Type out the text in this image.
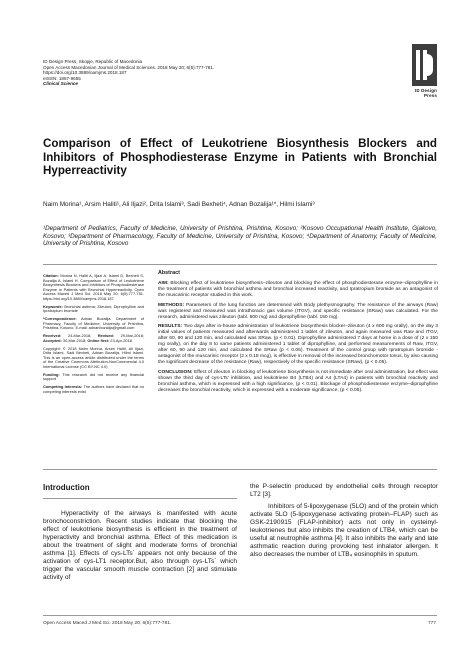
ID Design Press, Skopje, Republic of Macedonia
Open Access Macedonian Journal of Medical Sciences. 2018 May 20; 6(5):777-781.
https://doi.org/10.3889/oamjms.2018.187
eISSN: 1857-9655
Clinical Science
ID Design
Press
Comparison of Effect of Leukotriene Biosynthesis Blockers and Inhibitors of Phosphodiesterase Enzyme in Patients with Bronchial Hyperreactivity
Naim Morina¹, Arsim Haliti¹, Ali Iljazi², Drita Islami³, Sadi Bexheti⁴, Adnan Bozalija¹*, Hilmi Islami³
¹Department of Pediatrics, Faculty of Medicine, University of Prishtina, Prishtina, Kosovo; ²Kosovo Occupational Health Institute, Gjakovo, Kosovo; ³Department of Pharmacology, Faculty of Medicine, University of Prishtina, Kosovo; ⁴Department of Anatomy, Faculty of Medicine, University of Prishtina, Kosovo

Citation: Morina N, Haliti A, Iljazi A, Islami D, Bexheti S, Bozalija A, Islami H. Comparison of Effect of Leukotriene Biosynthesis Blockers and Inhibitors of Phosphodiesterase Enzyme in Patients with Bronchial Hyperreactivity. Open Access Maced J Med Sci. 2018 May 20; 6(5):777-781. https://doi.org/10.3889/oamjms.2018.187

Keywords: Bronchial asthma; Zileuton; Diprophylline and Ipratropium bromide

*Correspondence: Adnan Bozalija. Department of Pharmacy, Faculty of Medicine, University of Prishtina, Prishtina, Kosovo. E-mail: adnanbozalija@gmail.com

Received: 24-Mar-2018; Revised: 29-Mar-2018; Accepted: 30-Mar-2018; Online first: 23-Apr-2018

Copyright: © 2018 Naim Morina, Arsim Haliti, Ali Iljazi, Drita Islami, Sadi Bexheti, Adnan Bozalija, Hilmi Islami. This is an open-access article distributed under the terms of the Creative Commons Attribution-NonCommercial 4.0 International License (CC BY-NC 4.0)

Funding: This research did not receive any financial support

Competing Interests: The authors have declared that no competing interests exist

Abstract

AIM: Blocking effect of leukotriene biosynthesis–zileuton and blocking the effect of phosphodiesterase enzyme–diprophylline in the treatment of patients with bronchial asthma and bronchial increased reactivity, and Ipratropium bromide as an antagonist of the muscarinic receptor studied in this work.

METHODS: Parameters of the lung function are determined with Body plethysmography. The resistance of the airways (Raw) was registered and measured was intrathoracic gas volume (ITGV), and specific resistance (SRaw) was calculated. For the research, administered was zileuton (tabl. 600 mg) and diprophylline (tabl. 150 mg).

RESULTS: Two days after in-house administration of leukotriene biosynthesis blocker–zileuton (4 x 600 mg orally), on the day 3 initial values of patients measured and afterwards administered 1 tablet of zileuton, and again measured was Raw and ITGV, after 60, 90 and 120 min, and calculated was SRaw. (p < 0.01). Diprophylline administered 7 days at home in a dose of (2 x 150 mg orally), on the day 8 to same patients administered 1 tablet of diprophylline, and performed measurements of Raw, ITGV, after 60, 90 and 120 min, and calculated the SRaw (p < 0.05). Treatment of the control group with Ipratropium bromide - antagonist of the muscarinic receptor (2 x 0.18 mcg), is effective in removal of the increased bronchomotor tonus, by also causing the significant decrease of the resistance (Raw), respectively of the specific resistance (SRaw), (p < 0.05).

CONCLUSION: Effect of zileuton in blocking of leukotriene biosynthesis is not immediate after oral administration, but effect was shown the third day of cys-LTs' inhibition, and leukotriene B4 (LTB4) and A4 (LTA4) in patients with bronchial reactivity and bronchial asthma, which is expressed with a high significance, (p < 0.01). Blockage of phosphodiesterase enzyme–diprophylline decreases the bronchial reactivity, which is expressed with a moderate significance, (p < 0.05).

Introduction
Hyperactivity of the airways is manifested with acute bronchoconstriction. Recent studies indicate that blocking the effect of leukotriene biosynthesis is efficient in the treatment of hyperactivity and bronchial asthma. Effect of this medication is about the treatment of slight and moderate forms of bronchial asthma [1]. Effects of cys-LTs´ appears not only because of the activation of cys-LT1 receptor.But, also through cys-LTs´ which trigger the vascular smooth muscle contraction [2] and stimulate activity of

the P-selectin produced by endothelial cells through receptor LT2 [3].

Inhibitors of 5-lipoxygenase (5LO) and of the protein which activate 5LO (5-lipoxygenase activating protein–FLAP) such as GSK-2190915 (FLAP-inhibitor) acts not only in cysteinyl-leukotrienes but also inhibits the creation of LTB4, which can be useful at neutrophile asthma [4]. It also inhibits the early and late asthmatic reaction during provoking test inhalator allergen. It also decreases the number of LTB₄ eosinophils in sputum.

Open Access Maced J Med Sci. 2018 May 20; 6(5):777-781.	777
